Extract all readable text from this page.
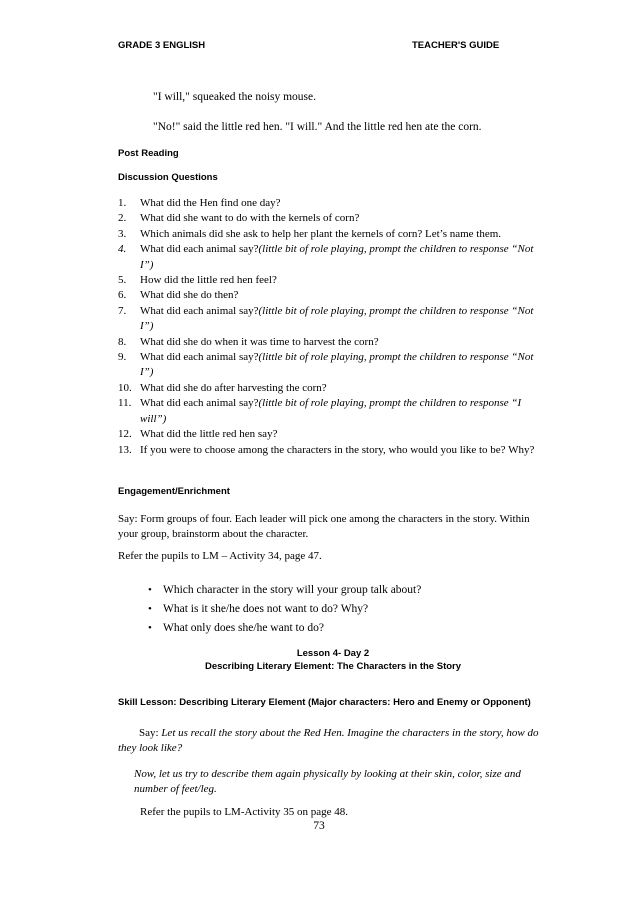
GRADE 3 ENGLISH	TEACHER'S GUIDE
"I will," squeaked the noisy mouse.
"No!" said the little red hen. "I will." And the little red hen ate the corn.
Post Reading
Discussion Questions
1.	What did the Hen find one day?
2.	What did she want to do with the kernels of corn?
3.	Which animals did she ask to help her plant the kernels of corn? Let’s name them.
4.	What did each animal say?(little bit of role playing, prompt the children to response “Not I”)
5.	How did the little red hen feel?
6.	What did she do then?
7.	What did each animal say?(little bit of role playing, prompt the children to response “Not I”)
8.	What did she do when it was time to harvest the corn?
9.	What did each animal say?(little bit of role playing, prompt the children to response “Not I”)
10. What did she do after harvesting the corn?
11. What did each animal say?(little bit of role playing, prompt the children to response “I will”)
12. What did the little red hen say?
13. If you were to choose among the characters in the story, who would you like to be? Why?
Engagement/Enrichment
Say: Form groups of four. Each leader will pick one among the characters in the story. Within your group, brainstorm about the character.
Refer the pupils to LM – Activity 34, page 47.
• Which character in the story will your group talk about?
• What is it she/he does not want to do? Why?
• What only does she/he want to do?
Lesson 4- Day 2
Describing Literary Element: The Characters in the Story
Skill Lesson: Describing Literary Element (Major characters: Hero and Enemy or Opponent)
Say: Let us recall the story about the Red Hen. Imagine the characters in the story, how do they look like?
Now, let us try to describe them again physically by looking at their skin, color, size and number of feet/leg.
Refer the pupils to LM-Activity 35 on page 48.
73
